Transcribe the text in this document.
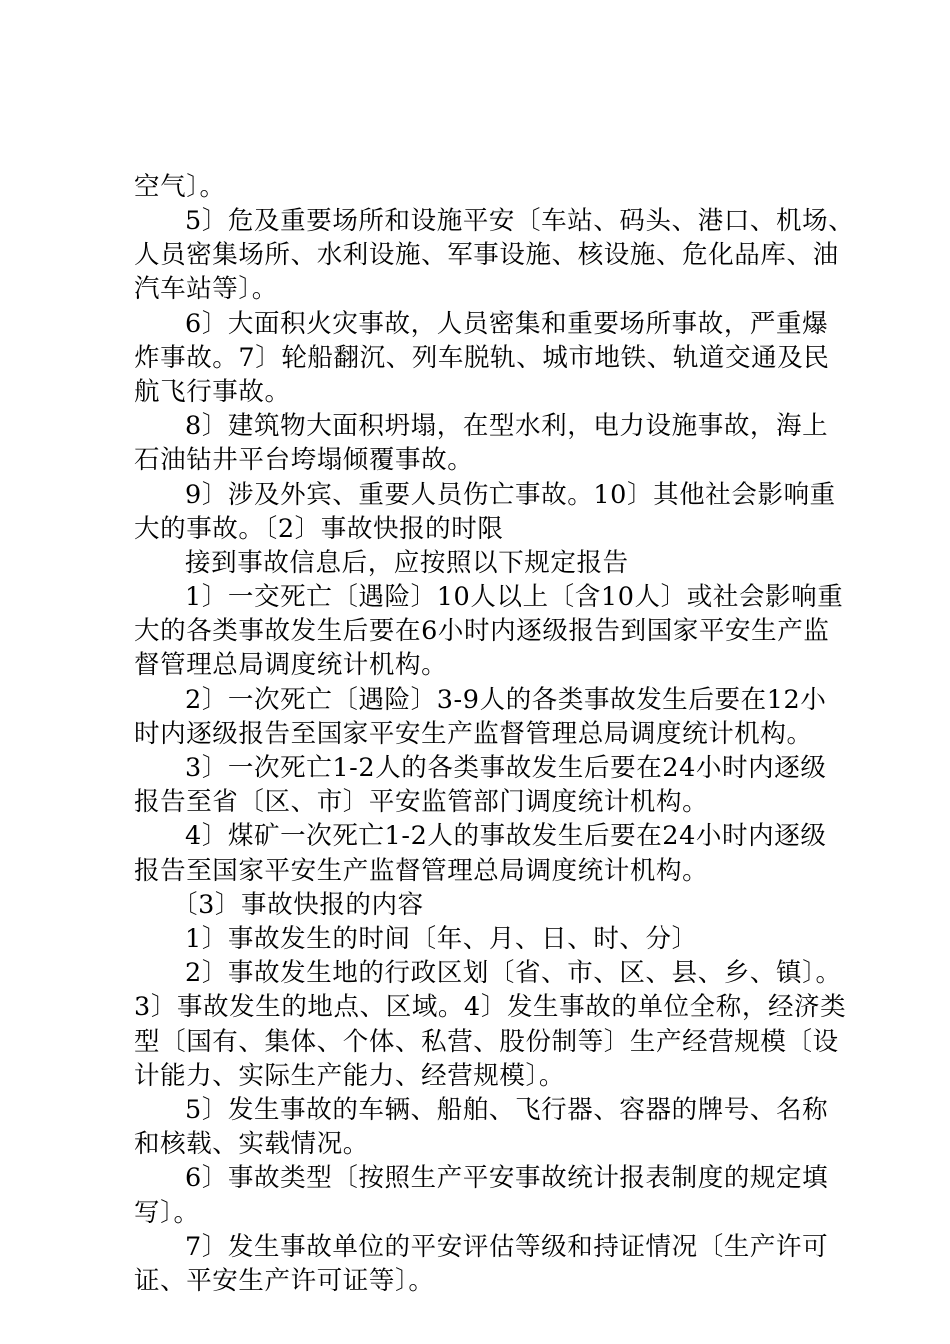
空气〕。
5〕危及重要场所和设施平安〔车站、码头、港口、机场、
人员密集场所、水利设施、军事设施、核设施、危化品库、油
汽车站等〕。
6〕大面积火灾事故，人员密集和重要场所事故，严重爆
炸事故。7〕轮船翻沉、列车脱轨、城市地铁、轨道交通及民
航飞行事故。
8〕建筑物大面积坍塌，在型水利，电力设施事故，海上
石油钻井平台垮塌倾覆事故。
9〕涉及外宾、重要人员伤亡事故。10〕其他社会影响重
大的事故。〔2〕事故快报的时限
接到事故信息后，应按照以下规定报告
1〕一交死亡〔遇险〕10人以上〔含10人〕或社会影响重
大的各类事故发生后要在6小时内逐级报告到国家平安生产监
督管理总局调度统计机构。
2〕一次死亡〔遇险〕3-9人的各类事故发生后要在12小
时内逐级报告至国家平安生产监督管理总局调度统计机构。
3〕一次死亡1-2人的各类事故发生后要在24小时内逐级
报告至省〔区、市〕平安监管部门调度统计机构。
4〕煤矿一次死亡1-2人的事故发生后要在24小时内逐级
报告至国家平安生产监督管理总局调度统计机构。
〔3〕事故快报的内容
1〕事故发生的时间〔年、月、日、时、分〕
2〕事故发生地的行政区划〔省、市、区、县、乡、镇〕。
3〕事故发生的地点、区域。4〕发生事故的单位全称，经济类
型〔国有、集体、个体、私营、股份制等〕生产经营规模〔设
计能力、实际生产能力、经营规模〕。
5〕发生事故的车辆、船舶、飞行器、容器的牌号、名称
和核载、实载情况。
6〕事故类型〔按照生产平安事故统计报表制度的规定填
写〕。
7〕发生事故单位的平安评估等级和持证情况〔生产许可
证、平安生产许可证等〕。
